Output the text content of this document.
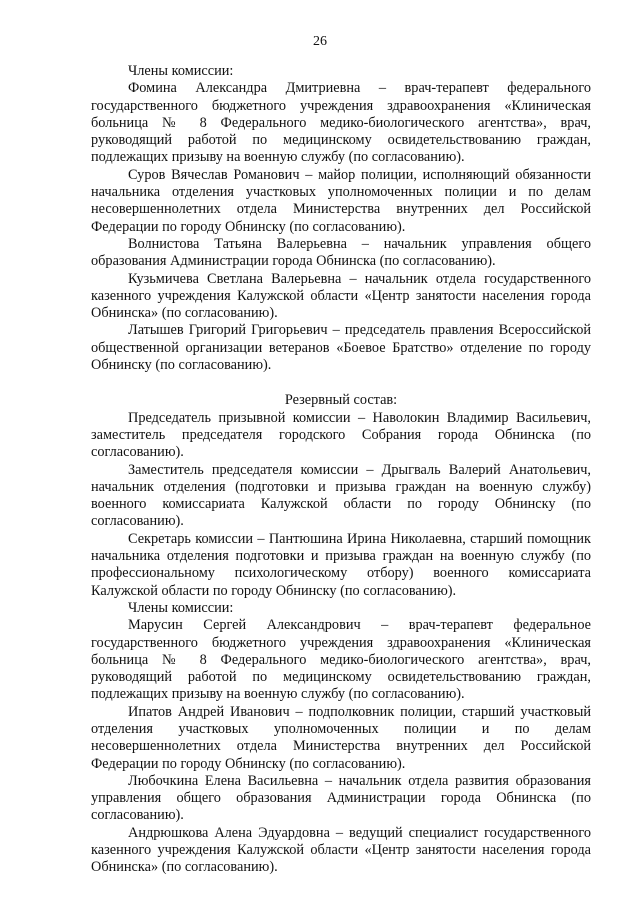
26

Члены комиссии:

Фомина Александра Дмитриевна – врач-терапевт федерального государственного бюджетного учреждения здравоохранения «Клиническая больница № 8 Федерального медико-биологического агентства», врач, руководящий работой по медицинскому освидетельствованию граждан, подлежащих призыву на военную службу (по согласованию).

Суров Вячеслав Романович – майор полиции, исполняющий обязанности начальника отделения участковых уполномоченных полиции и по делам несовершеннолетних отдела Министерства внутренних дел Российской Федерации по городу Обнинску (по согласованию).

Волнистова Татьяна Валерьевна – начальник управления общего образования Администрации города Обнинска (по согласованию).

Кузьмичева Светлана Валерьевна – начальник отдела государственного казенного учреждения Калужской области «Центр занятости населения города Обнинска» (по согласованию).

Латышев Григорий Григорьевич – председатель правления Всероссийской общественной организации ветеранов «Боевое Братство» отделение по городу Обнинску (по согласованию).

Резервный состав:

Председатель призывной комиссии – Наволокин Владимир Васильевич, заместитель председателя городского Собрания города Обнинска (по согласованию).

Заместитель председателя комиссии – Дрыгваль Валерий Анатольевич, начальник отделения (подготовки и призыва граждан на военную службу) военного комиссариата Калужской области по городу Обнинску (по согласованию).

Секретарь комиссии – Пантюшина Ирина Николаевна, старший помощник начальника отделения подготовки и призыва граждан на военную службу (по профессиональному психологическому отбору) военного комиссариата Калужской области по городу Обнинску (по согласованию).

Члены комиссии:

Марусин Сергей Александрович – врач-терапевт федеральное государственного бюджетного учреждения здравоохранения «Клиническая больница № 8 Федерального медико-биологического агентства», врач, руководящий работой по медицинскому освидетельствованию граждан, подлежащих призыву на военную службу (по согласованию).

Ипатов Андрей Иванович – подполковник полиции, старший участковый отделения участковых уполномоченных полиции и по делам несовершеннолетних отдела Министерства внутренних дел Российской Федерации по городу Обнинску (по согласованию).

Любочкина Елена Васильевна – начальник отдела развития образования управления общего образования Администрации города Обнинска (по согласованию).

Андрюшкова Алена Эдуардовна – ведущий специалист государственного казенного учреждения Калужской области «Центр занятости населения города Обнинска» (по согласованию).
